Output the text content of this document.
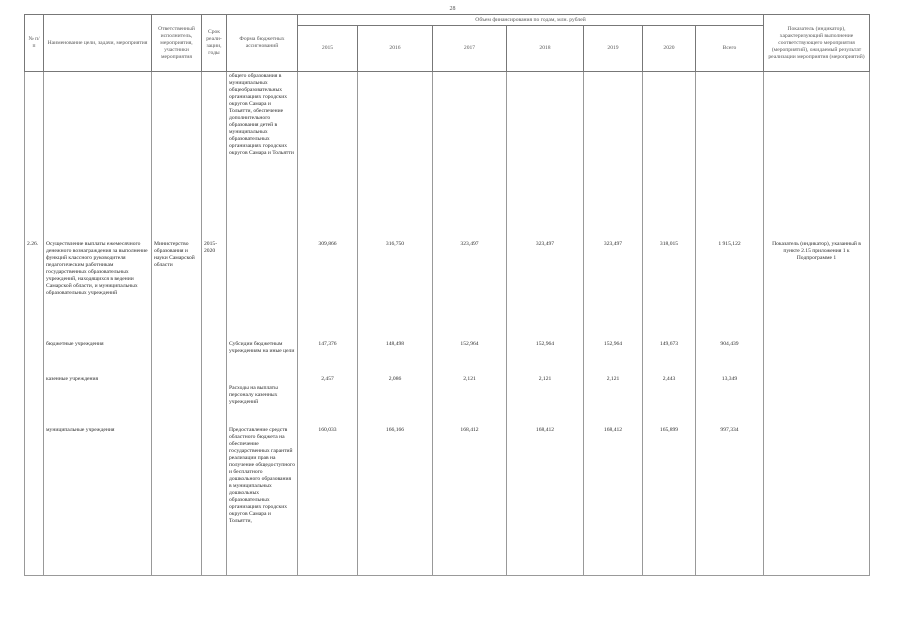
28
№ п/п	Наименование цели, задачи, мероприятия	Ответственный исполнитель, мероприятия, участники мероприятия	Срок реали-зации, годы	Форма бюджетных ассигнований	Объем финансирования по годам, млн. рублей							Показатель (индикатор), характеризующий выполнение соответствующего мероприятия (мероприятий), ожидаемый результат реализации мероприятия (мероприятий)
					2015	2016	2017	2018	2019	2020	Всего	
				общего образования в муниципальных общеобразовательных организациях городских округов Самара и Тольятти, обеспечение дополнительного образования детей в муниципальных образовательных организациях городских округов Самара и Тольятти								
2.26.	Осуществление выплаты ежемесячного денежного вознаграждения за выполнение функций классного руководителя педагогическим работникам государственных образовательных учреждений, находящихся в ведении Самарской области, и муниципальных образовательных учреждений	Министерство образования и науки Самарской области	2015-2020		309,866	316,750	323,497	323,497	323,497	318,015	1 915,122	Показатель (индикатор), указанный в пункте 2.15 приложения 1 к Подпрограмме 1
	бюджетные учреждения			Субсидии бюджетным учреждениям на иные цели	147,376	148,498	152,964	152,964	152,964	149,673	904,439	
	казенные учреждения			Расходы на выплаты персоналу казенных учреждений	2,457	2,086	2,121	2,121	2,121	2,443	13,349	
	муниципальные учреждения			Предоставление средств областного бюджета на обеспечение государственных гарантий реализации прав на получение общедоступного и бесплатного дошкольного образования в муниципальных дошкольных образовательных организациях городских округов Самара и Тольятти,	160,033	166,166	168,412	168,412	168,412	165,899	997,334	
